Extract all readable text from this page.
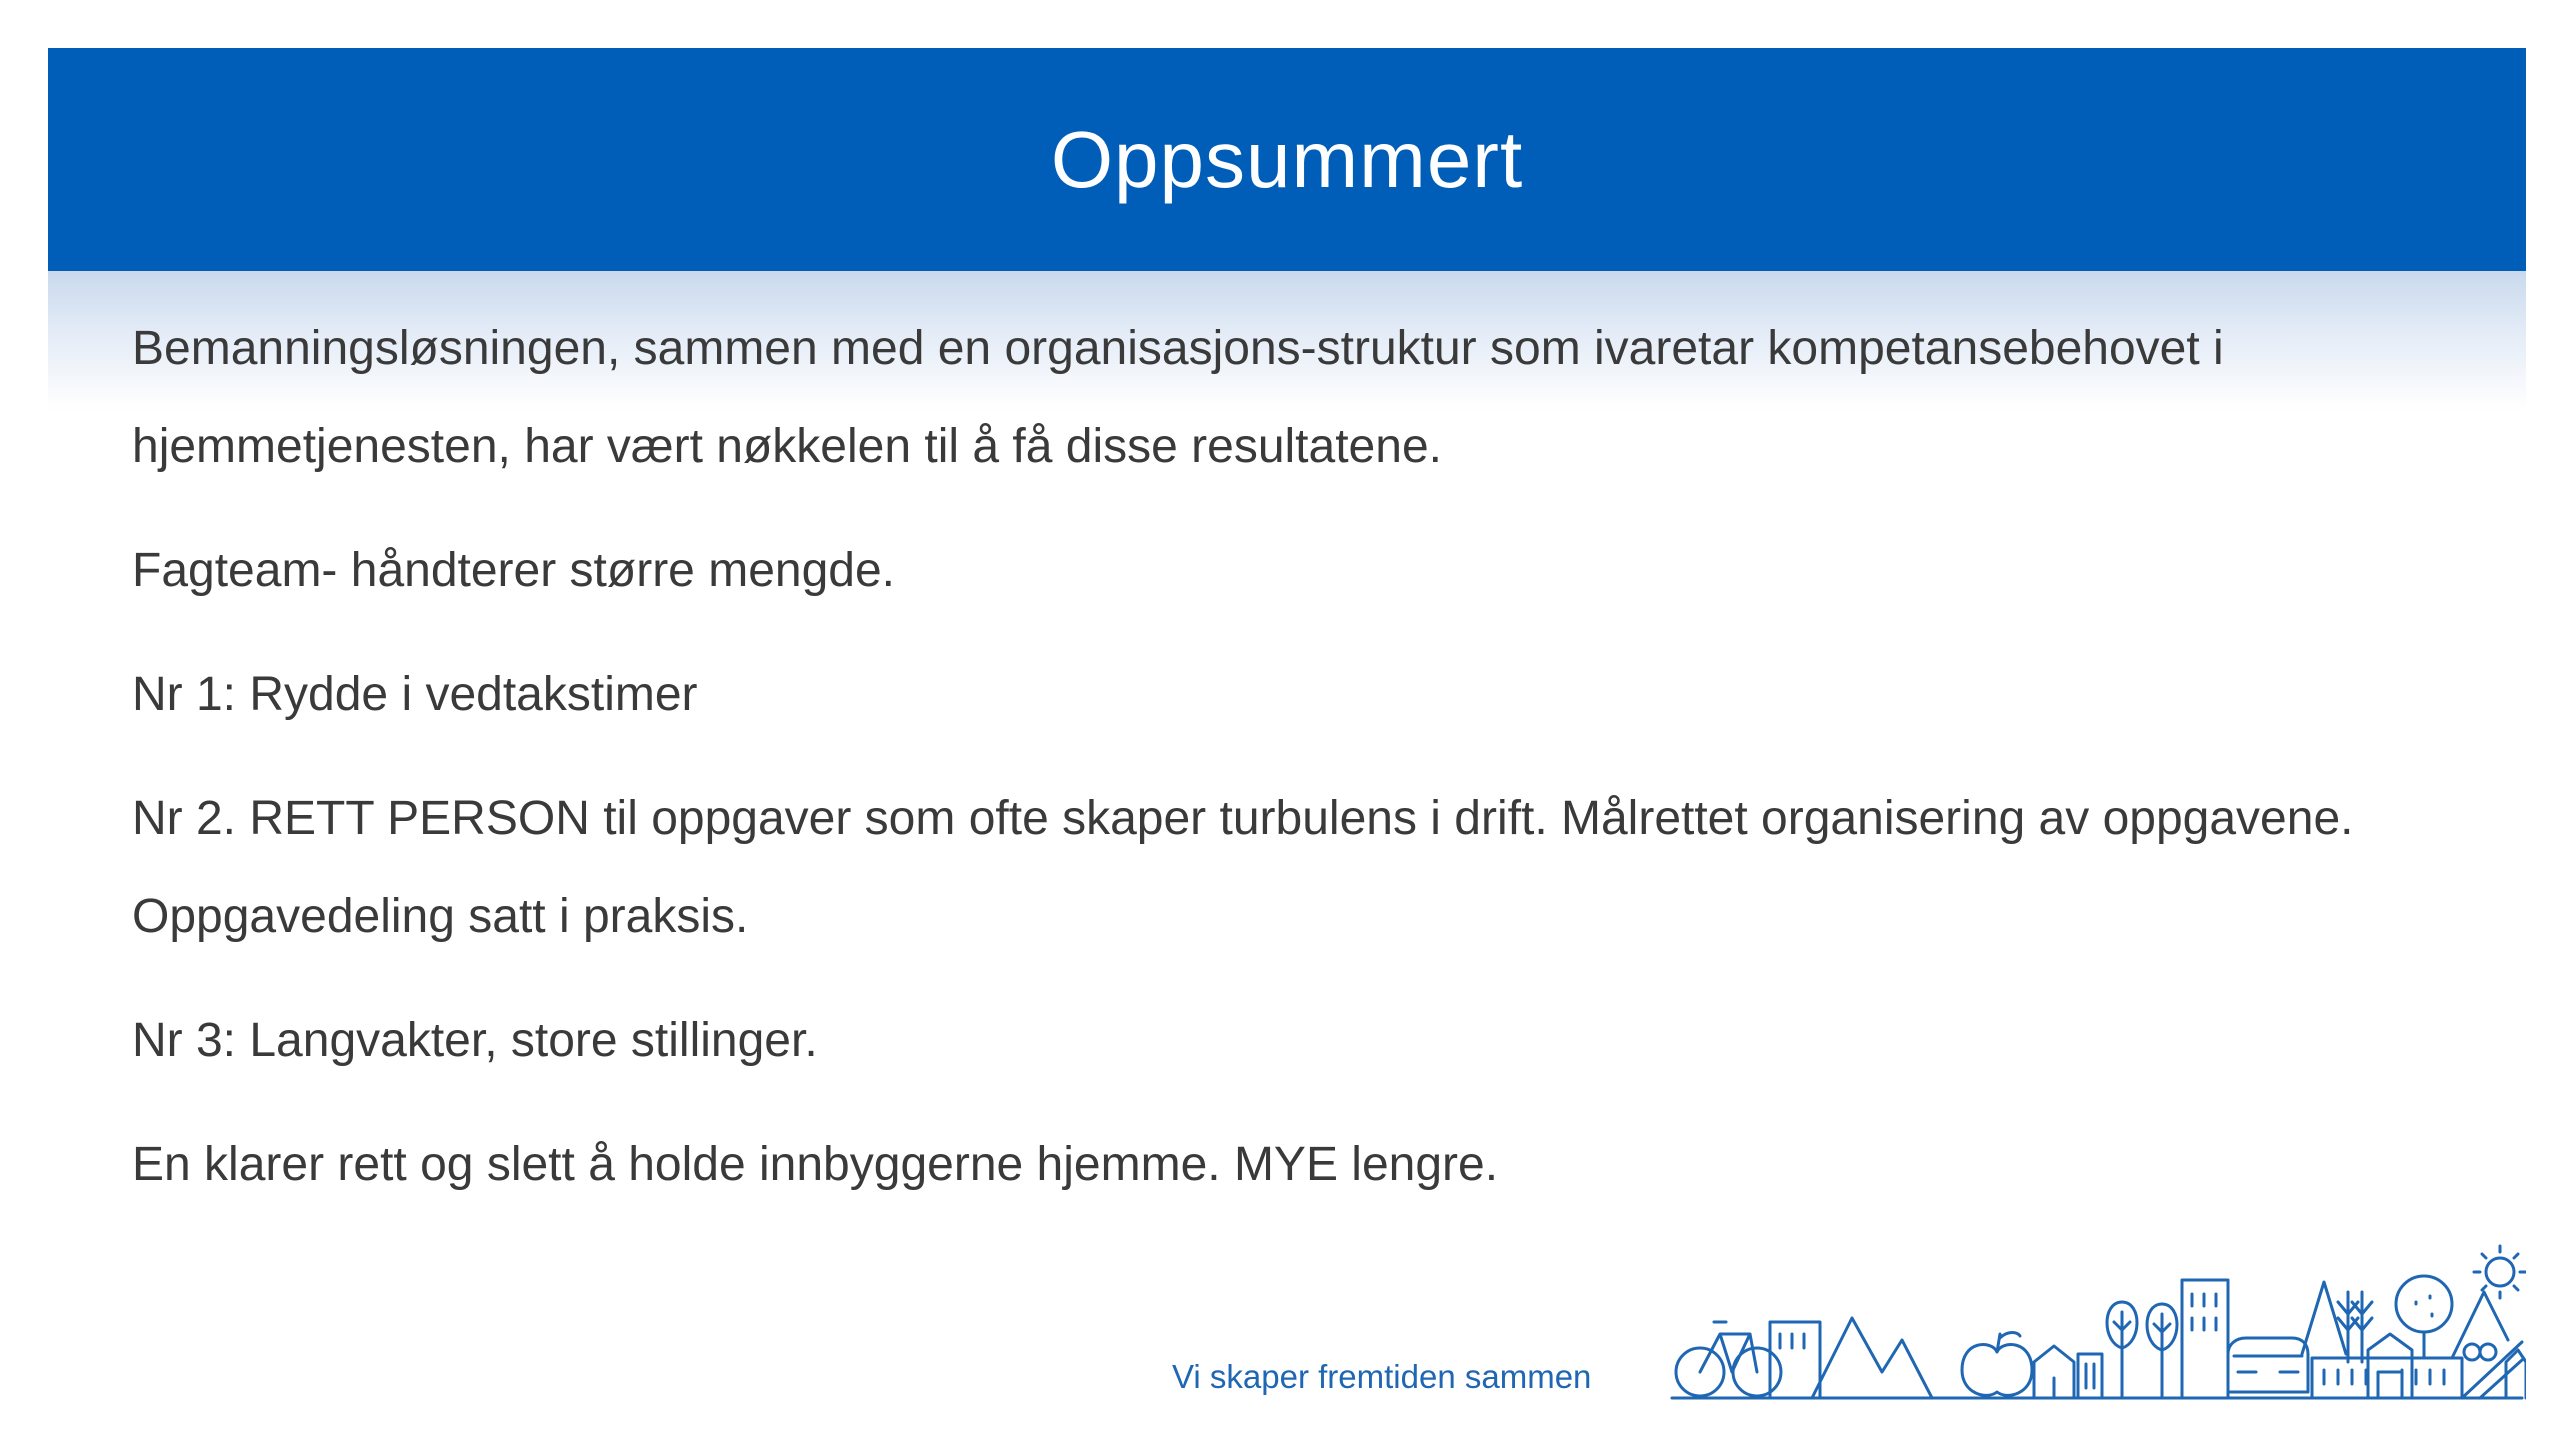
Oppsummert

Bemanningsløsningen, sammen med en organisasjons-struktur som ivaretar kompetansebehovet i hjemmetjenesten, har vært nøkkelen til å få disse resultatene.

Fagteam- håndterer større mengde.

Nr 1: Rydde i vedtakstimer

Nr 2. RETT PERSON til oppgaver som ofte skaper turbulens i drift. Målrettet organisering av oppgavene. Oppgavedeling satt i praksis.

Nr 3: Langvakter, store stillinger.

En klarer rett og slett å holde innbyggerne hjemme. MYE lengre.

Vi skaper fremtiden sammen
